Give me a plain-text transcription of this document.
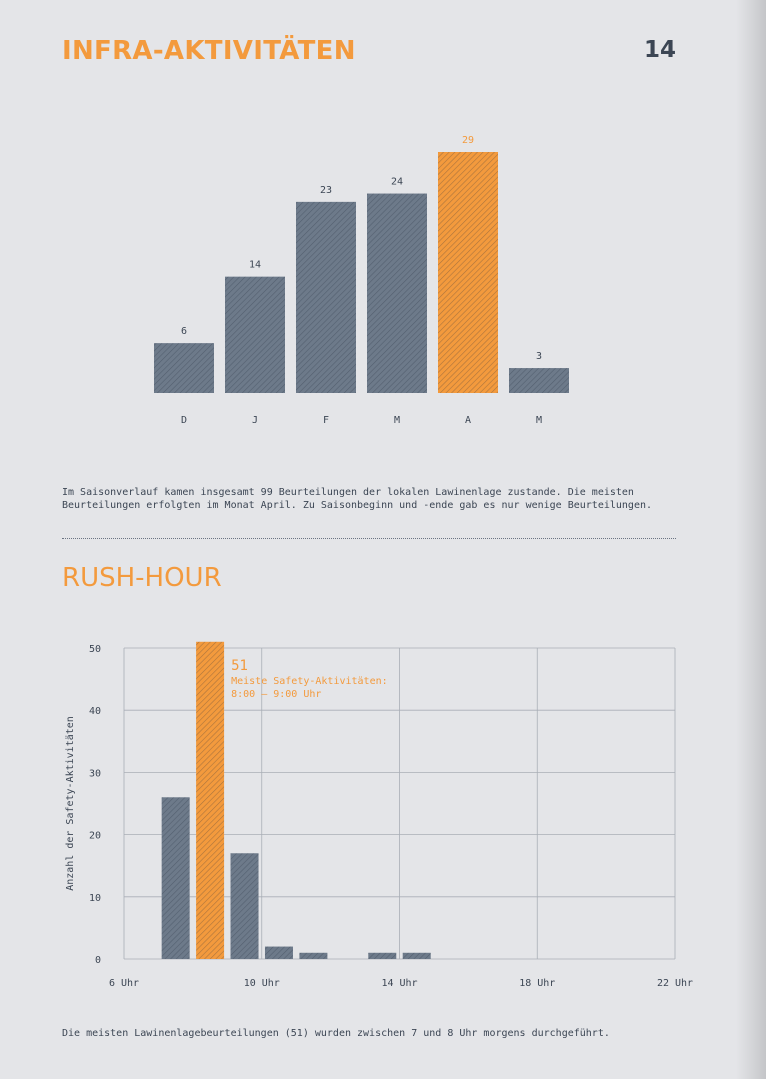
INFRA-AKTIVITÄTEN	14
6
D
14
J
23
F
24
M
29
A
3
M

Im Saisonverlauf kamen insgesamt 99 Beurteilungen der lokalen Lawinenlage zustande. Die meisten
Beurteilungen erfolgten im Monat April. Zu Saisonbeginn und -ende gab es nur wenige Beurteilungen.

RUSH-HOUR
0
10
20
30
40
50
6 Uhr	10 Uhr	14 Uhr	18 Uhr	22 Uhr
51
Meiste Safety-Aktivitäten:
8:00 – 9:00 Uhr
Anzahl der Safety-Aktivitäten

Die meisten Lawinenlagebeurteilungen (51) wurden zwischen 7 und 8 Uhr morgens durchgeführt.
